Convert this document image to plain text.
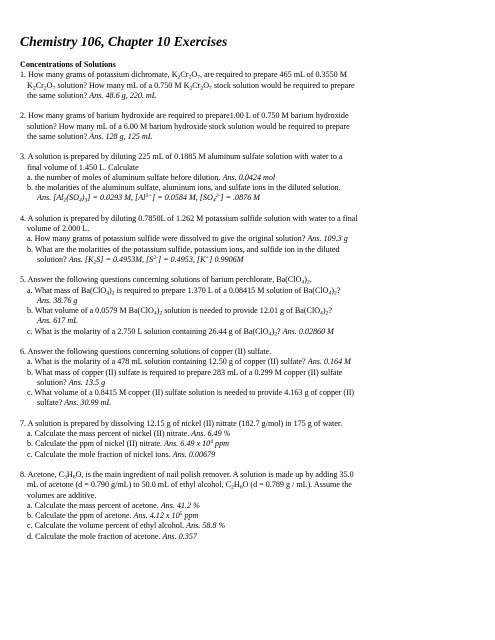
Chemistry 106, Chapter 10 Exercises

Concentrations of Solutions

1. How many grams of potassium dichromate, $K_2Cr_2O_7$, are required to prepare 465 mL of 0.3550 M

$K_2Cr_2O_7$ solution? How many mL of a 0.750 M $K_2Cr_2O_7$ stock solution would be required to prepare

the same solution? Ans. 48.6 g, 220. mL

2. How many grams of barium hydroxide are required to prepare1.00 L of 0.750 M barium hydroxide

solution? How many mL of a 6.00 M barium hydroxide stock solution would be required to prepare

the same solution? Ans. 128 g, 125 mL

3. A solution is prepared by diluting 225 mL of 0.1885 M aluminum sulfate solution with water to a

final volume of 1.450 L. Calculate

a. the number of moles of aluminum sulfate before dilution. Ans. 0.0424 mol

b. the molarities of the aluminum sulfate, aluminum ions, and sulfate ions in the diluted solution.

Ans. $[Al_2(SO_4)_3] = 0.0293$ M, $[Al^{3+}] = 0.0584$ M, $[SO_4^{2-}] = .0876$ M

4. A solution is prepared by diluting 0.7850L of 1.262 M potassium sulfide solution with water to a final

volume of 2.000 L.

a. How many grams of potassium sulfide were dissolved to give the original solution? Ans. 109.3 g

b. What are the molarities of the potassium sulfide, potassium ions, and sulfide ion in the diluted

solution? Ans. $[K_2S] = 0.4953M$, $[S^{2-}] = 0.4953$, [K+] 0.9906M

5. Answer the following questions concerning solutions of barium perchlorate, $Ba(ClO_4)_2$.

a. What mass of $Ba(ClO_4)_2$ is required to prepare 1.370 L of a 0.08415 M solution of $Ba(ClO_4)_2$?

Ans. 38.76 g

b. What volume of a 0.0579 M $Ba(ClO_4)_2$ solution is needed to provide 12.01 g of $Ba(ClO_4)_2$?

Ans. 617 mL

c. What is the molarity of a 2.750 L solution containing 26.44 g of $Ba(ClO_4)_2$? Ans. 0.02860 M

6. Answer the following questions concerning solutions of copper (II) sulfate.

a. What is the molarity of a 478 mL solution containing 12.50 g of copper (II) sulfate? Ans. 0.164 M

b. What mass of copper (II) sulfate is required to prepare 283 mL of a 0.299 M copper (II) sulfate

solution? Ans. 13.5 g

c. What volume of a 0.8415 M copper (II) sulfate solution is needed to provide 4.163 g of copper (II)

sulfate? Ans. 30.99 mL

7. A solution is prepared by dissolving 12.15 g of nickel (II) nitrate (182.7 g/mol) in 175 g of water.

a. Calculate the mass percent of nickel (II) nitrate. Ans. 6.49 %

b. Calculate the ppm of nickel (II) nitrate. Ans. 6.49 x $10^4$ ppm

c. Calculate the mole fraction of nickel ions. Ans. 0.00679

8. Acetone, $C_3H_6O$, is the main ingredient of nail polish remover. A solution is made up by adding 35.0

mL of acetone (d = 0.790 g/mL) to 50.0 mL of ethyl alcohol, $C_2H_6O$ (d = 0.789 g / mL). Assume the

volumes are additive.

a. Calculate the mass percent of acetone. Ans. 41.2 %

b. Calculate the ppm of acetone. Ans. 4.12 x $10^5$ ppm

c. Calculate the volume percent of ethyl alcohol. Ans. 58.8 %

d. Calculate the mole fraction of acetone. Ans. 0.357
